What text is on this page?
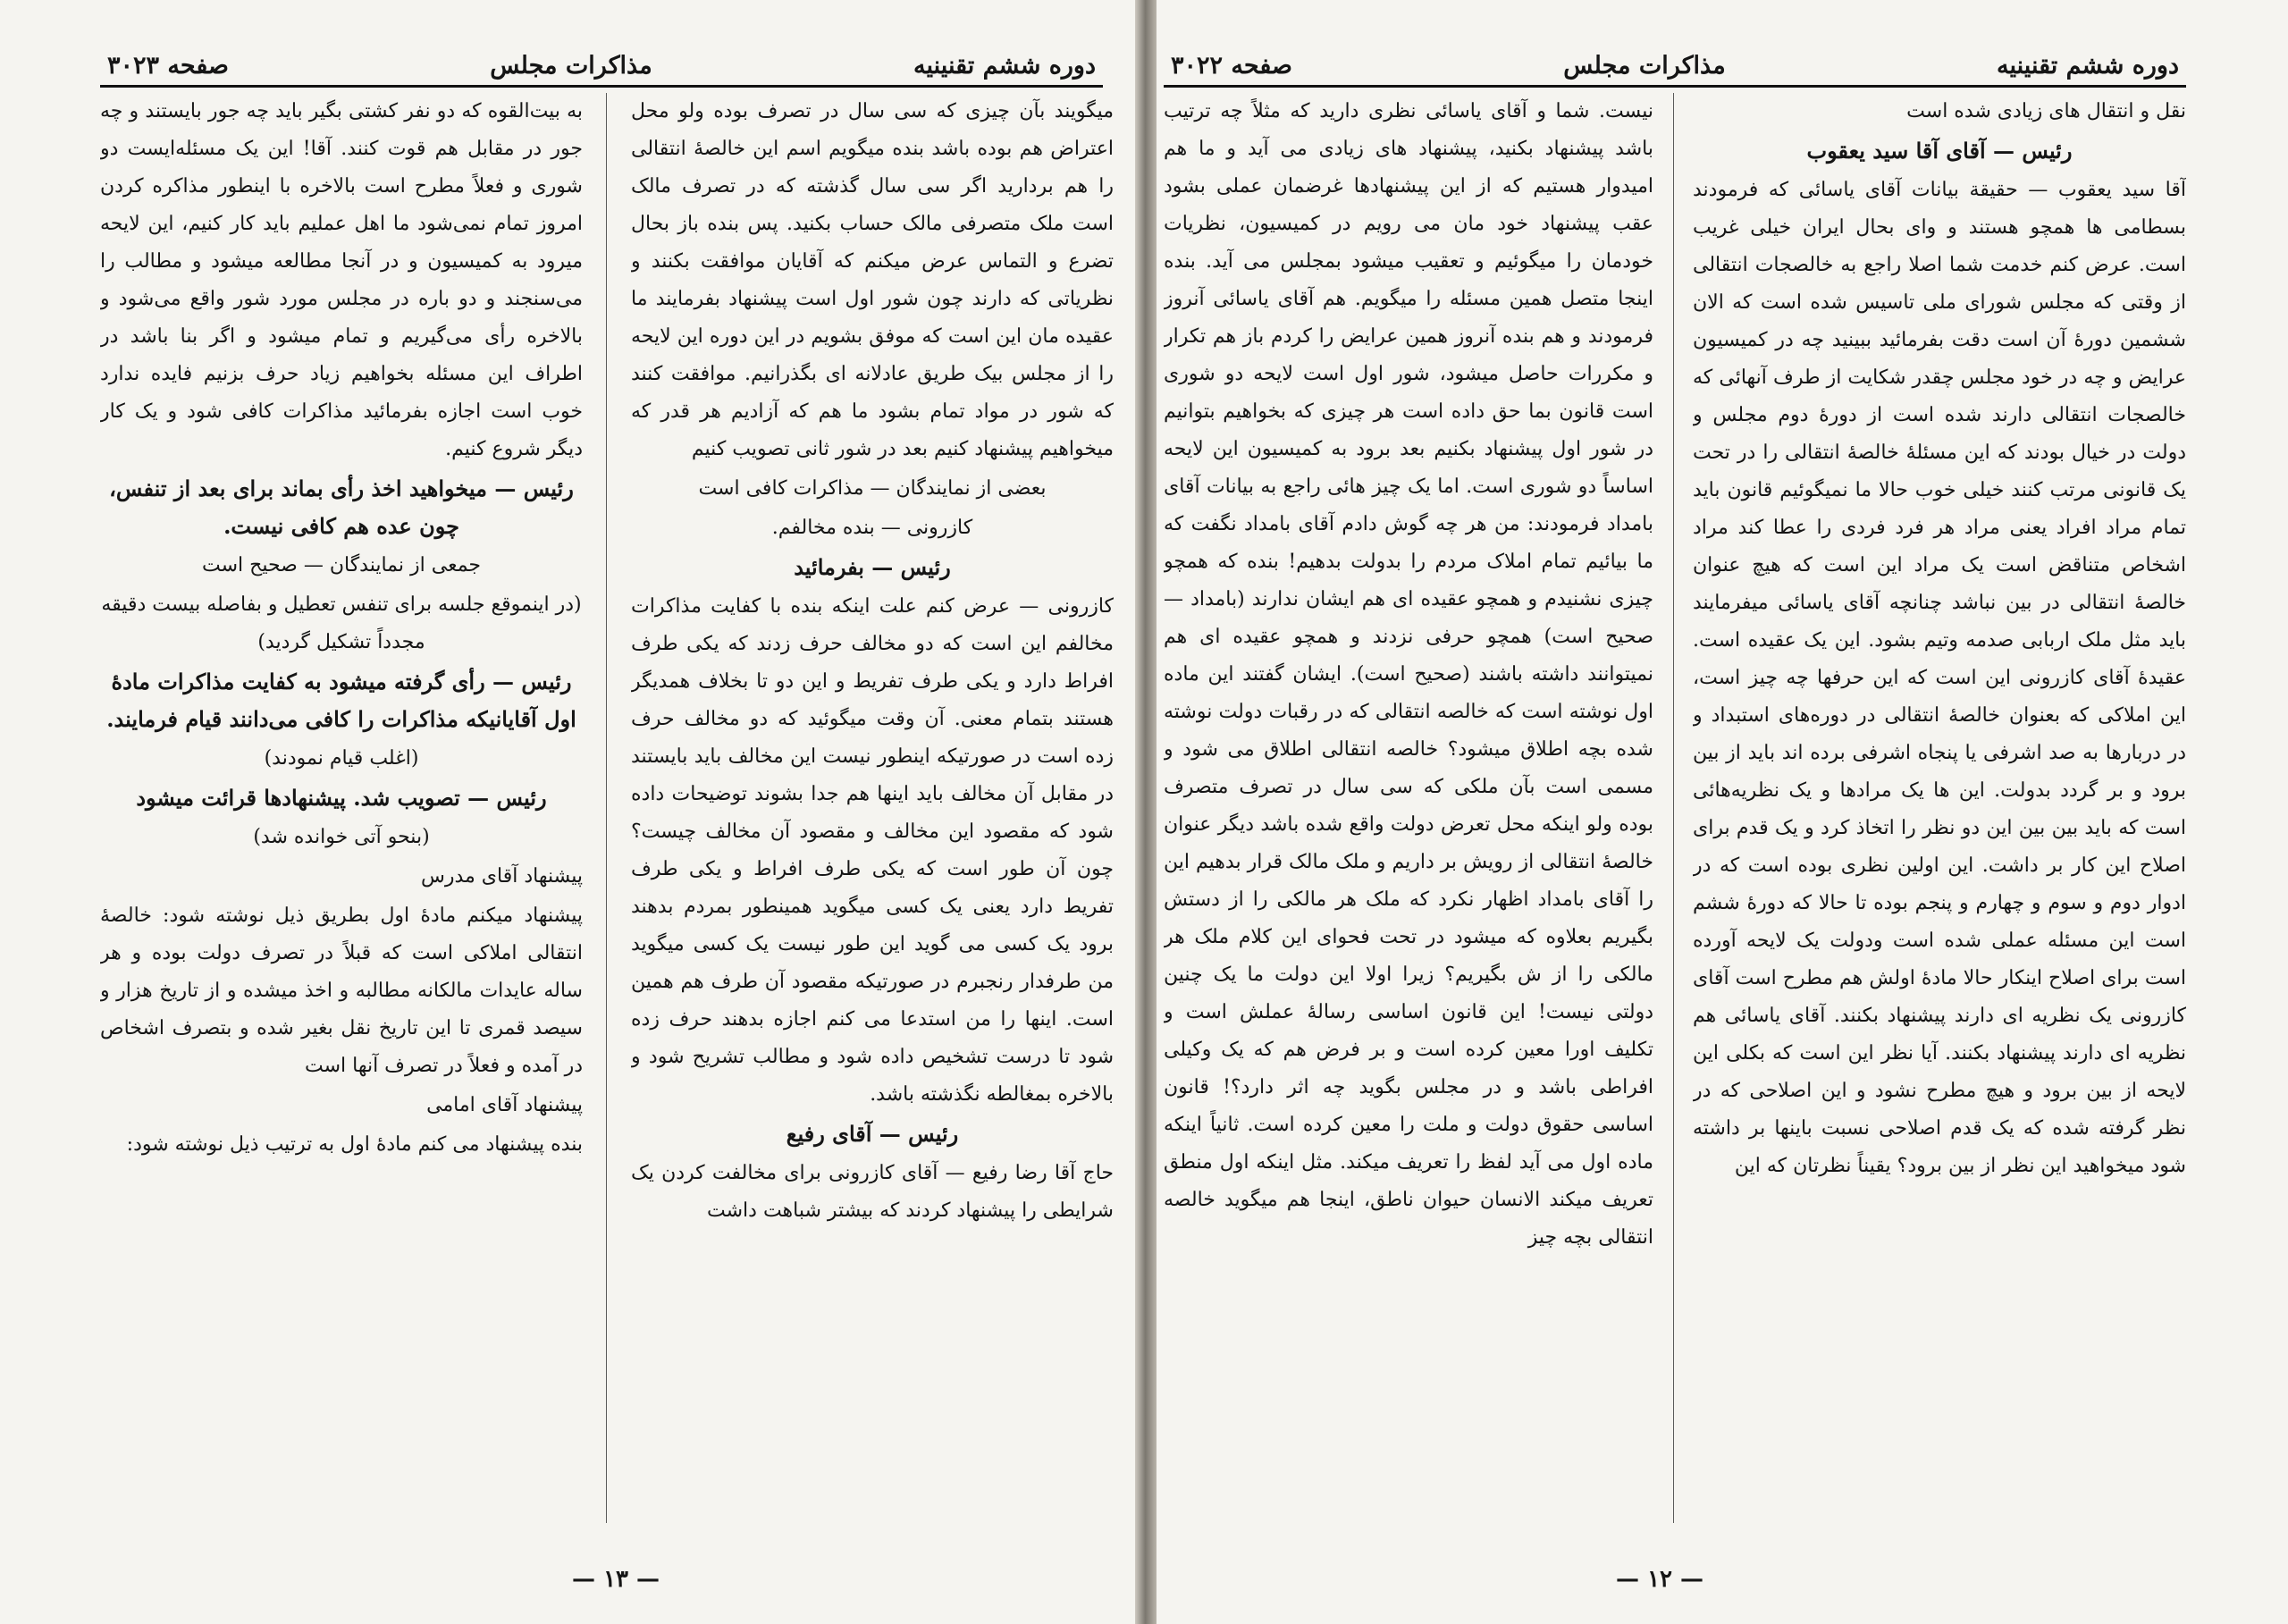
دوره ششم تقنینیه
مذاکرات مجلس
صفحه ۳۰۲۳

میگویند بآن چیزی که سی سال در تصرف بوده ولو محل اعتراض هم بوده باشد بنده میگویم اسم این خالصهٔ انتقالی را هم بردارید اگر سی سال گذشته که در تصرف مالک است ملک متصرفی مالک حساب بکنید. پس بنده باز بحال تضرع و التماس عرض میکنم که آقایان موافقت بکنند و نظریاتی که دارند چون شور اول است پیشنهاد بفرمایند ما عقیده مان این است که موفق بشویم در این دوره این لایحه را از مجلس بیک طریق عادلانه ای بگذرانیم. موافقت کنند که شور در مواد تمام بشود ما هم که آزادیم هر قدر که میخواهیم پیشنهاد کنیم بعد در شور ثانی تصویب کنیم

بعضی از نمایندگان — مذاکرات کافی است

کازرونی — بنده مخالفم.

رئیس — بفرمائید

کازرونی — عرض کنم علت اینکه بنده با کفایت مذاکرات مخالفم این است که دو مخالف حرف زدند که یکی طرف افراط دارد و یکی طرف تفریط و این دو تا بخلاف همدیگر هستند بتمام معنی. آن وقت میگوئید که دو مخالف حرف زده است در صورتیکه اینطور نیست این مخالف باید بایستند در مقابل آن مخالف باید اینها هم جدا بشوند توضیحات داده شود که مقصود این مخالف و مقصود آن مخالف چیست؟ چون آن طور است که یکی طرف افراط و یکی طرف تفریط دارد یعنی یک کسی میگوید همینطور بمردم بدهند برود یک کسی می گوید این طور نیست یک کسی میگوید من طرفدار رنجبرم در صورتیکه مقصود آن طرف هم همین است. اینها را من استدعا می کنم اجازه بدهند حرف زده شود تا درست تشخیص داده شود و مطالب تشریح شود و بالاخره بمغالطه نگذشته باشد.

رئیس — آقای رفیع

حاج آقا رضا رفیع — آقای کازرونی برای مخالفت کردن یک شرایطی را پیشنهاد کردند که بیشتر شباهت داشت

به بیت‌القوه که دو نفر کشتی بگیر باید چه جور بایستند و چه جور در مقابل هم قوت کنند. آقا! این یک مسئله‌ایست دو شوری و فعلاً مطرح است بالاخره با اینطور مذاکره کردن امروز تمام نمی‌شود ما اهل عملیم باید کار کنیم، این لایحه میرود به کمیسیون و در آنجا مطالعه میشود و مطالب را می‌سنجند و دو باره در مجلس مورد شور واقع می‌شود و بالاخره رأی می‌گیریم و تمام میشود و اگر بنا باشد در اطراف این مسئله بخواهیم زیاد حرف بزنیم فایده ندارد خوب است اجازه بفرمائید مذاکرات کافی شود و یک کار دیگر شروع کنیم.

رئیس — میخواهید اخذ رأی بماند برای بعد از تنفس، چون عده هم کافی نیست.

جمعی از نمایندگان — صحیح است

(در اینموقع جلسه برای تنفس تعطیل و بفاصله بیست دقیقه مجدداً تشکیل گردید)

رئیس — رأی گرفته میشود به کفایت مذاکرات مادهٔ اول آقایانیکه مذاکرات را کافی می‌دانند قیام فرمایند.

(اغلب قیام نمودند)

رئیس — تصویب شد. پیشنهادها قرائت میشود

(بنحو آتی خوانده شد)

پیشنهاد آقای مدرس

پیشنهاد میکنم مادهٔ اول بطریق ذیل نوشته شود: خالصهٔ انتقالی املاکی است که قبلاً در تصرف دولت بوده و هر ساله عایدات مالکانه مطالبه و اخذ میشده و از تاریخ هزار و سیصد قمری تا این تاریخ نقل بغیر شده و بتصرف اشخاص در آمده و فعلاً در تصرف آنها است

پیشنهاد آقای امامی

بنده پیشنهاد می کنم مادهٔ اول به ترتیب ذیل نوشته شود:

— ۱۳ —
دوره ششم تقنینیه
مذاکرات مجلس
صفحه ۳۰۲۲

نقل و انتقال های زیادی شده است

رئیس — آقای آقا سید یعقوب

آقا سید یعقوب — حقیقة بیانات آقای یاسائی که فرمودند بسطامی ها همچو هستند و وای بحال ایران خیلی غریب است. عرض کنم خدمت شما اصلا راجع به خالصجات انتقالی از وقتی که مجلس شورای ملی تاسیس شده است که الان ششمین دورهٔ آن است دقت بفرمائید ببینید چه در کمیسیون عرایض و چه در خود مجلس چقدر شکایت از طرف آنهائی که خالصجات انتقالی دارند شده است از دورهٔ دوم مجلس و دولت در خیال بودند که این مسئلهٔ خالصهٔ انتقالی را در تحت یک قانونی مرتب کنند خیلی خوب حالا ما نمیگوئیم قانون باید تمام مراد افراد یعنی مراد هر فرد فردی را عطا کند مراد اشخاص متناقض است یک مراد این است که هیچ عنوان خالصهٔ انتقالی در بین نباشد چنانچه آقای یاسائی میفرمایند باید مثل ملک اربابی صدمه وتیم بشود. این یک عقیده است. عقیدهٔ آقای کازرونی این است که این حرفها چه چیز است، این املاکی که بعنوان خالصهٔ انتقالی در دوره‌های استبداد و در دربارها به صد اشرفی یا پنجاه اشرفی برده اند باید از بین برود و بر گردد بدولت. این ها یک مرادها و یک نظریه‌هائی است که باید بین بین این دو نظر را اتخاذ کرد و یک قدم برای اصلاح این کار بر داشت. این اولین نظری بوده است که در ادوار دوم و سوم و چهارم و پنجم بوده تا حالا که دورهٔ ششم است این مسئله عملی شده است ودولت یک لایحه آورده است برای اصلاح اینکار حالا مادهٔ اولش هم مطرح است آقای کازرونی یک نظریه ای دارند پیشنهاد بکنند. آقای یاسائی هم نظریه ای دارند پیشنهاد بکنند. آیا نظر این است که بکلی این لایحه از بین برود و هیچ مطرح نشود و این اصلاحی که در نظر گرفته شده که یک قدم اصلاحی نسبت باینها بر داشته شود میخواهید این نظر از بین برود؟ یقیناً نظرتان که این

نیست. شما و آقای یاسائی نظری دارید که مثلاً چه ترتیب باشد پیشنهاد بکنید، پیشنهاد های زیادی می آید و ما هم امیدوار هستیم که از این پیشنهادها غرضمان عملی بشود عقب پیشنهاد خود مان می رویم در کمیسیون، نظریات خودمان را میگوئیم و تعقیب میشود بمجلس می آید. بنده اینجا متصل همین مسئله را میگویم. هم آقای یاسائی آنروز فرمودند و هم بنده آنروز همین عرایض را کردم باز هم تکرار و مکررات حاصل میشود، شور اول است لایحه دو شوری است قانون بما حق داده است هر چیزی که بخواهیم بتوانیم در شور اول پیشنهاد بکنیم بعد برود به کمیسیون این لایحه اساساً دو شوری است. اما یک چیز هائی راجع به بیانات آقای بامداد فرمودند: من هر چه گوش دادم آقای بامداد نگفت که ما بیائیم تمام املاک مردم را بدولت بدهیم! بنده که همچو چیزی نشنیدم و همچو عقیده ای هم ایشان ندارند (بامداد — صحیح است) همچو حرفی نزدند و همچو عقیده ای هم نمیتوانند داشته باشند (صحیح است). ایشان گفتند این ماده اول نوشته است که خالصه انتقالی که در رقبات دولت نوشته شده بچه اطلاق میشود؟ خالصه انتقالی اطلاق می شود و مسمی است بآن ملکی که سی سال در تصرف متصرف بوده ولو اینکه محل تعرض دولت واقع شده باشد دیگر عنوان خالصهٔ انتقالی از رویش بر داریم و ملک مالک قرار بدهیم این را آقای بامداد اظهار نکرد که ملک هر مالکی را از دستش بگیریم بعلاوه که میشود در تحت فحوای این کلام ملک هر مالکی را از ش بگیریم؟ زیرا اولا این دولت ما یک چنین دولتی نیست! این قانون اساسی رسالهٔ عملش است و تکلیف اورا معین کرده است و بر فرض هم که یک وکیلی افراطی باشد و در مجلس بگوید چه اثر دارد؟! قانون اساسی حقوق دولت و ملت را معین کرده است. ثانیاً اینکه ماده اول می آید لفظ را تعریف میکند. مثل اینکه اول منطق تعریف میکند الانسان حیوان ناطق، اینجا هم میگوید خالصه انتقالی بچه چیز

— ۱۲ —
